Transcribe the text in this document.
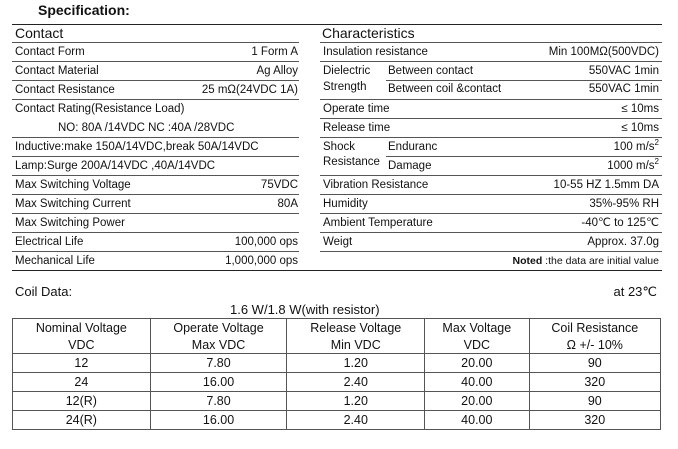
Specification:
Contact
Contact Form	1 Form A
Contact Material	Ag Alloy
Contact Resistance	25 mΩ(24VDC 1A)
Contact Rating(Resistance Load)
NO: 80A /14VDC NC :40A /28VDC
Inductive:make 150A/14VDC,break 50A/14VDC
Lamp:Surge 200A/14VDC ,40A/14VDC
Max Switching Voltage	75VDC
Max Switching Current	80A
Max Switching Power
Electrical Life	100,000 ops
Mechanical Life	1,000,000 ops
Characteristics
Insulation resistance	Min 100MΩ(500VDC)
Dielectric
Strength
Between contact	550VAC 1min
Between coil &contact	550VAC 1min
Operate time	≤ 10ms
Release time	≤ 10ms
Shock
Resistance
Enduranc	100 $m/s^2$
Damage	1000 $m/s^2$
Vibration Resistance	10-55 HZ 1.5mm DA
Humidity	35%-95% RH
Ambient Temperature	-40℃ to 125℃
Weigt	Approx. 37.0g
Noted :the data are initial value
Coil Data:	at 23℃
1.6 W/1.8 W(with resistor)
Nominal Voltage	Operate Voltage	Release Voltage	Max Voltage	Coil Resistance
VDC	Max VDC	Min VDC	VDC	Ω +/- 10%
12	7.80	1.20	20.00	90
24	16.00	2.40	40.00	320
12(R)	7.80	1.20	20.00	90
24(R)	16.00	2.40	40.00	320
